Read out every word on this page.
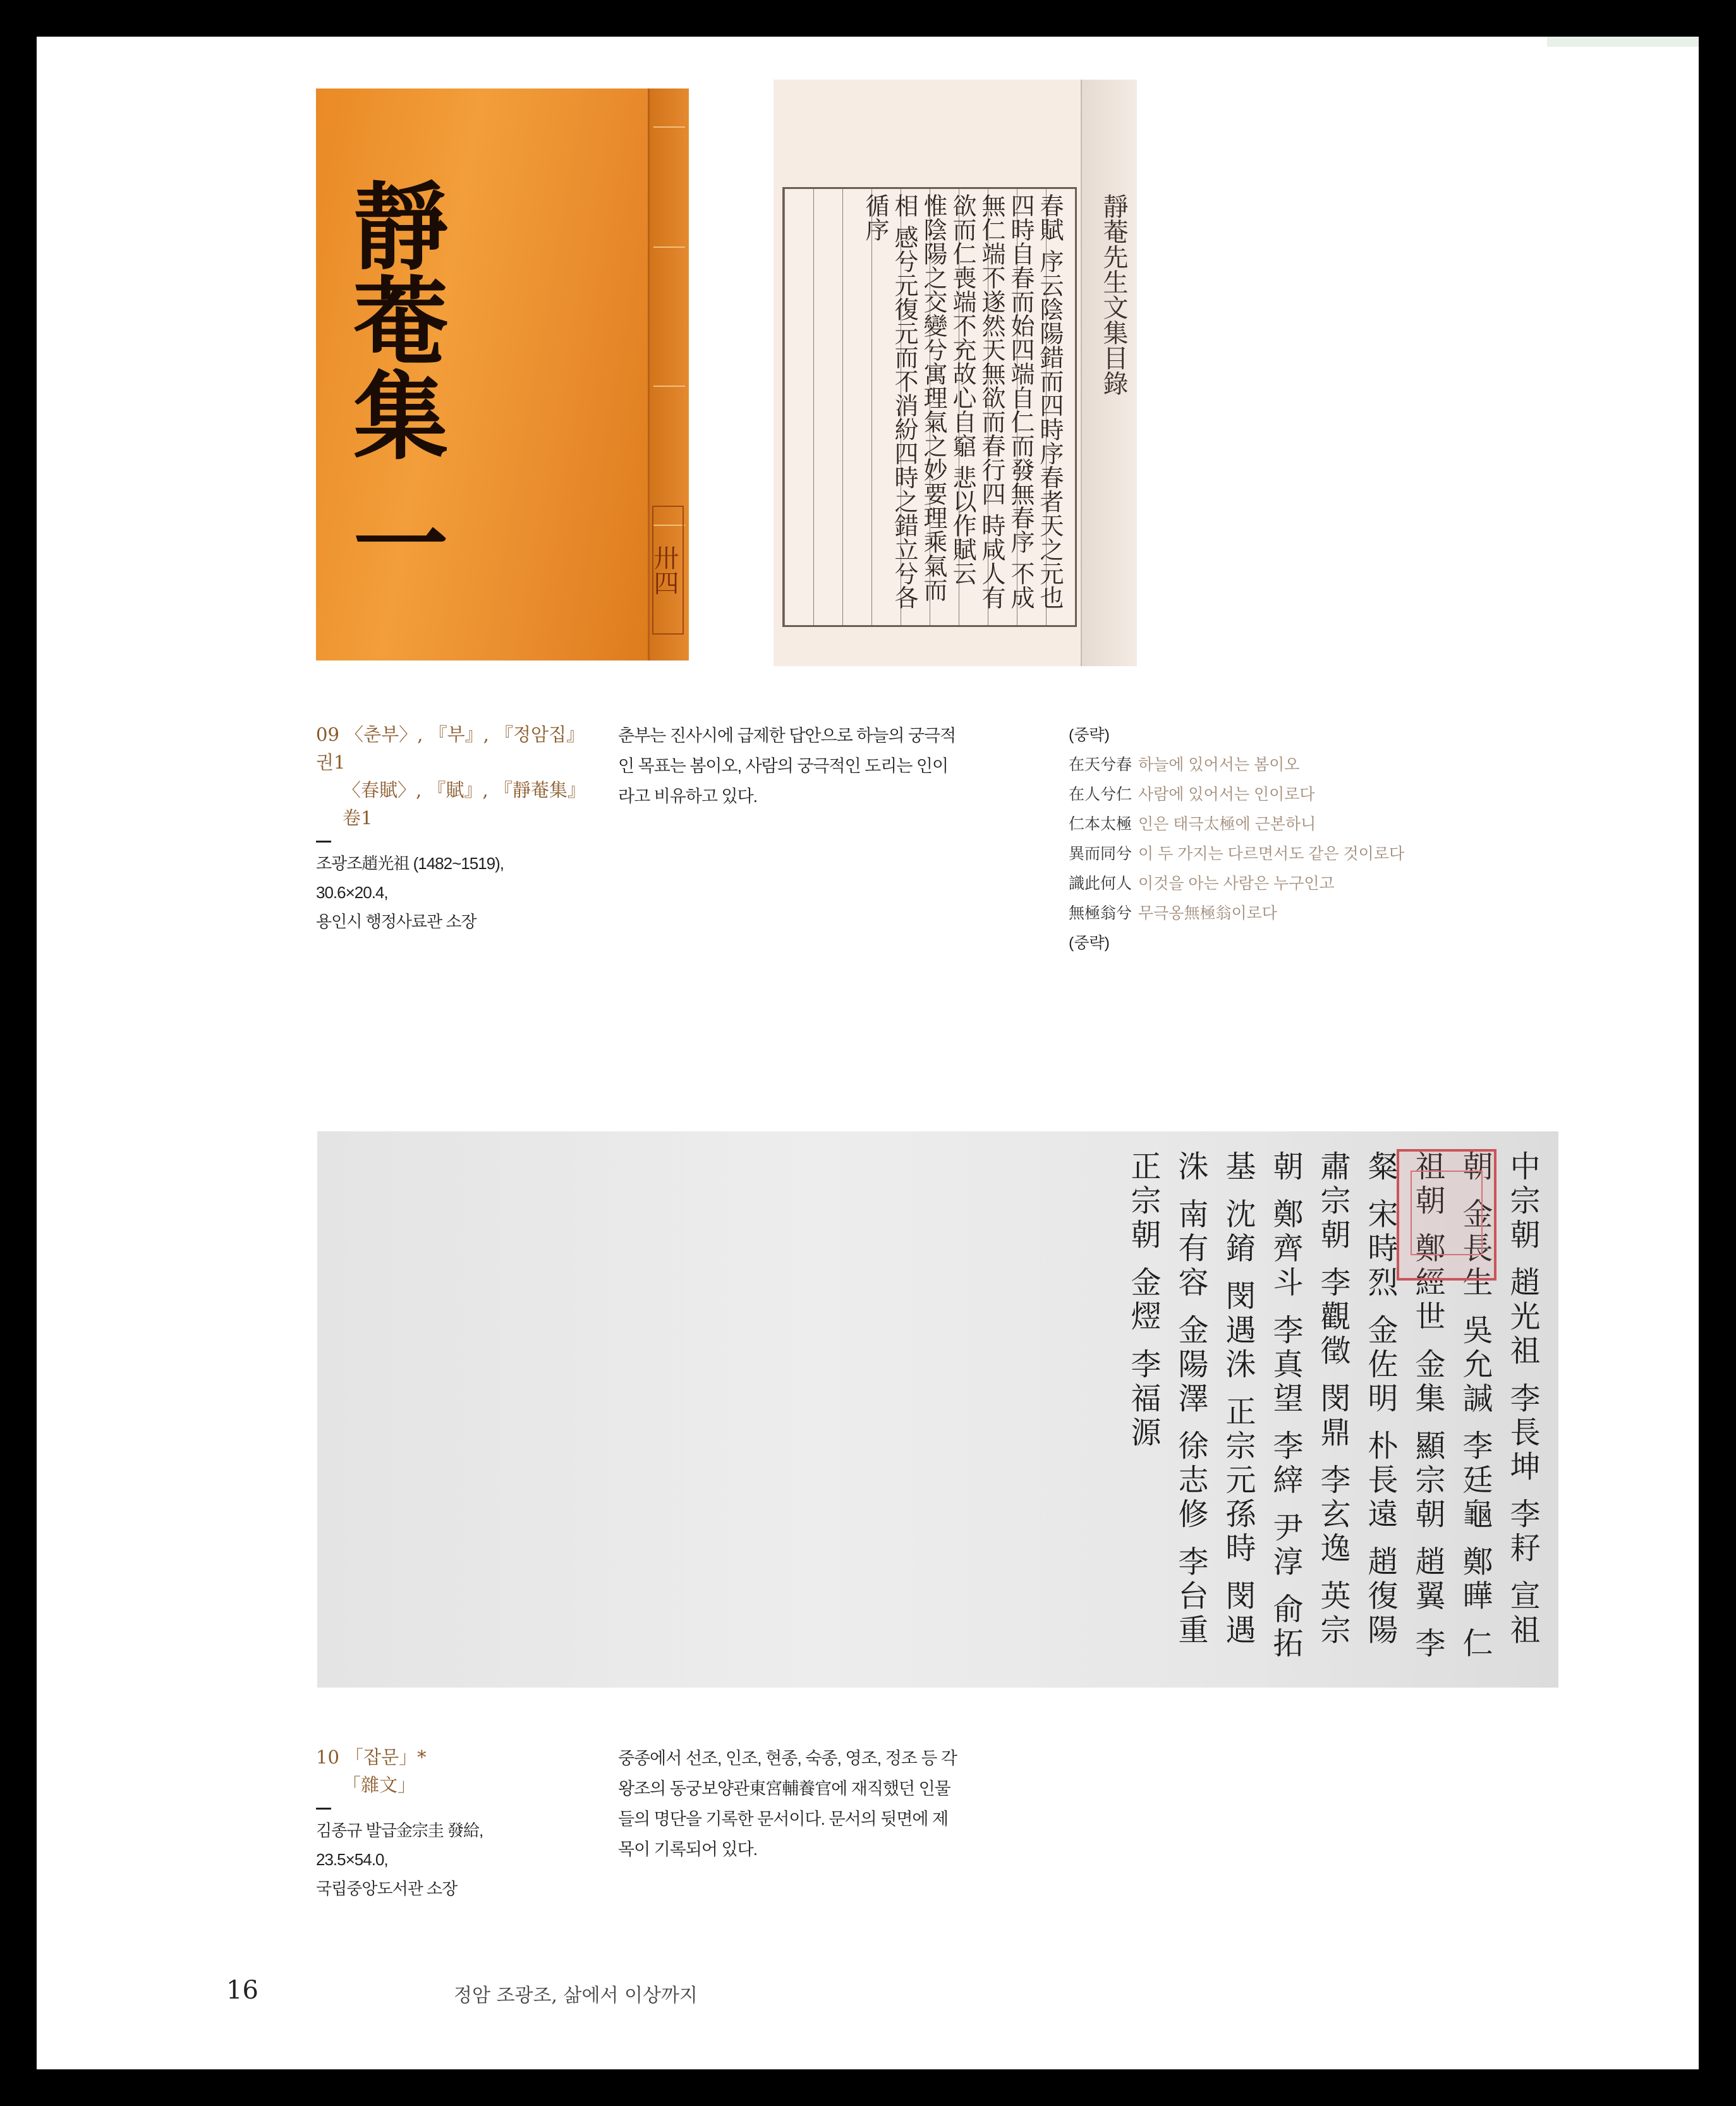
靜菴集 一	卅四	春賦 序云陰陽錯而四時序春者天之元也 四時自春而始四端自仁而發無春序 不成無仁端不遂然天無欲而春行四 時咸人有欲而仁喪端不充故心自竆 悲以作賦云 惟陰陽之交變兮寓理氣之妙要理乘氣而相 感兮元復元而不消紛四時之錯立兮各循序	靜菴先生文集目錄
09 〈춘부〉, 『부』, 『정암집』권1
〈春賦〉, 『賦』, 『靜菴集』卷1
조광조趙光祖 (1482~1519),
30.6×20.4,
용인시 행정사료관 소장
춘부는 진사시에 급제한 답안으로 하늘의 궁극적인 목표는 봄이오, 사람의 궁극적인 도리는 인이라고 비유하고 있다.
(중략)
在天兮春 하늘에 있어서는 봄이오
在人兮仁 사람에 있어서는 인이로다
仁本太極 인은 태극太極에 근본하니
異而同兮 이 두 가지는 다르면서도 같은 것이로다
識此何人 이것을 아는 사람은 누구인고
無極翁兮 무극옹無極翁이로다
(중략)
中宗朝 趙光祖 李長坤 李耔 宣祖朝 金長生 吳允諴 李廷龜 鄭曄 仁祖朝 鄭經世 金集 顯宗朝 趙翼 李粲 宋時烈 金佐明 朴長遠 趙復陽 肅宗朝 李觀徵 閔鼎 李玄逸 英宗朝 鄭齊斗 李真望 李縡 尹淳 俞拓基 沈錥 閔遇洙 正宗元孫時 閔遇洙 南有容 金陽澤 徐志修 李台重 正宗朝 金熤 李福源
10 「잡문」*
「雜文」
김종규 발급金宗圭 發給,
23.5×54.0,
국립중앙도서관 소장
중종에서 선조, 인조, 현종, 숙종, 영조, 정조 등 각 왕조의 동궁보양관東宮輔養官에 재직했던 인물들의 명단을 기록한 문서이다. 문서의 뒷면에 제목이 기록되어 있다.
16	정암 조광조, 삶에서 이상까지
